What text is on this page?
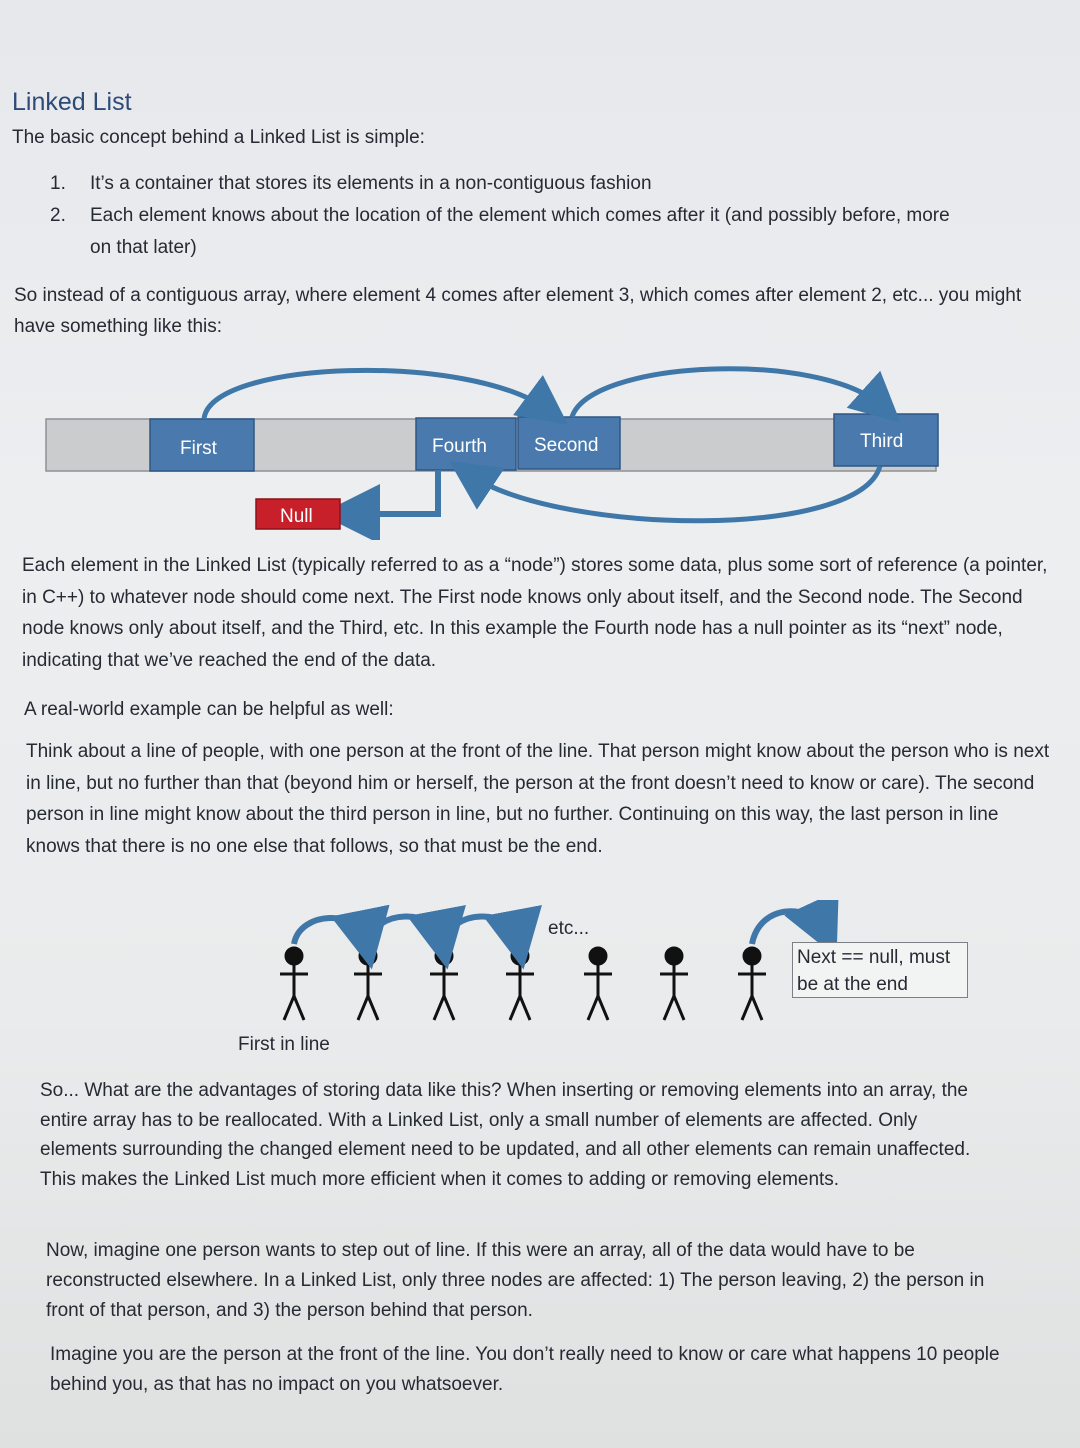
Linked List

The basic concept behind a Linked List is simple:

1. It’s a container that stores its elements in a non-contiguous fashion
2. Each element knows about the location of the element which comes after it (and possibly before, more on that later)

So instead of a contiguous array, where element 4 comes after element 3, which comes after element 2, etc... you might have something like this:

First	Fourth Second	Third
Null

Each element in the Linked List (typically referred to as a “node”) stores some data, plus some sort of reference (a pointer, in C++) to whatever node should come next. The First node knows only about itself, and the Second node. The Second node knows only about itself, and the Third, etc. In this example the Fourth node has a null pointer as its “next” node, indicating that we’ve reached the end of the data.

A real-world example can be helpful as well:

Think about a line of people, with one person at the front of the line. That person might know about the person who is next in line, but no further than that (beyond him or herself, the person at the front doesn’t need to know or care). The second person in line might know about the third person in line, but no further. Continuing on this way, the last person in line knows that there is no one else that follows, so that must be the end.

etc...
Next == null, must be at the end
First in line

So... What are the advantages of storing data like this? When inserting or removing elements into an array, the entire array has to be reallocated. With a Linked List, only a small number of elements are affected. Only elements surrounding the changed element need to be updated, and all other elements can remain unaffected. This makes the Linked List much more efficient when it comes to adding or removing elements.

Now, imagine one person wants to step out of line. If this were an array, all of the data would have to be reconstructed elsewhere. In a Linked List, only three nodes are affected: 1) The person leaving, 2) the person in front of that person, and 3) the person behind that person.

Imagine you are the person at the front of the line. You don’t really need to know or care what happens 10 people behind you, as that has no impact on you whatsoever.
